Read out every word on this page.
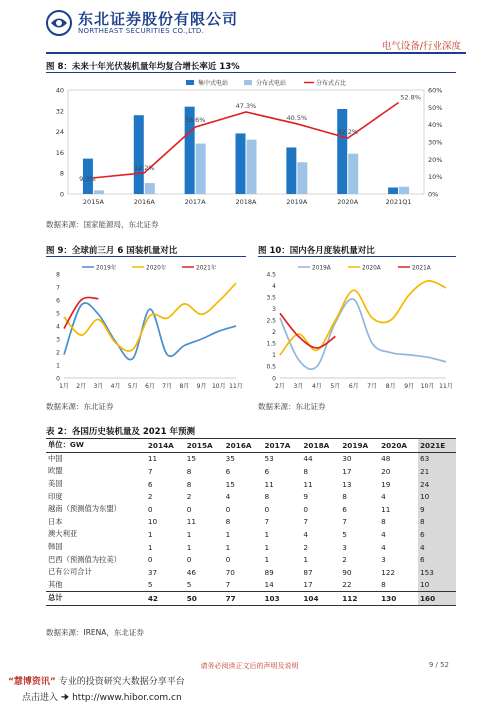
东北证券股份有限公司
NORTHEAST SECURITIES CO.,LTD.
电气设备/行业深度
图 8：未来十年光伏装机量年均复合增长率近 13%
0
8
16
24
32
40
0%
10%
20%
30%
40%
50%
60%
2015A	2016A	2017A	2018A	2019A	2020A	2021Q1
9.3%
12.2%
38.6%
47.3%
40.5%
32.2%
52.8%
集中式电站	分布式电站	分布式占比
数据来源：国家能源局，东北证券
图 9：全球前三月 6 国装机量对比
0
1
2
3
4
5
6
7
8
1月 2月 3月 4月 5月 6月 7月 8月 9月 10月 11月
2019年	2020年	2021年
数据来源：东北证券
图 10：国内各月度装机量对比
0
0.5
1
1.5
2
2.5
3
3.5
4
4.5
2月 3月 4月 5月 6月 7月 8月 9月 10月 11月
2019A	2020A	2021A
数据来源：东北证券
表 2：各国历史装机量及 2021 年预测
单位：GW	2014A	2015A	2016A	2017A	2018A	2019A	2020A	2021E
中国	11	15	35	53	44	30	48	63
欧盟	7	8	6	6	8	17	20	21
美国	6	8	15	11	11	13	19	24
印度	2	2	4	8	9	8	4	10
越南（预测值为东盟）	0	0	0	0	0	6	11	9
日本	10	11	8	7	7	7	8	8
澳大利亚	1	1	1	1	4	5	4	6
韩国	1	1	1	1	2	3	4	4
巴西（预测值为拉美）	0	0	0	1	1	2	3	6
已有公司合计	37	46	70	89	87	90	122	153
其他	5	5	7	14	17	22	8	10
总计	42	50	77	103	104	112	130	160
数据来源：IRENA，东北证券
请务必阅读正文后的声明及说明	9 / 52
“慧博资讯” 专业的投资研究大数据分享平台
点击进入 🠊 http://www.hibor.com.cn
